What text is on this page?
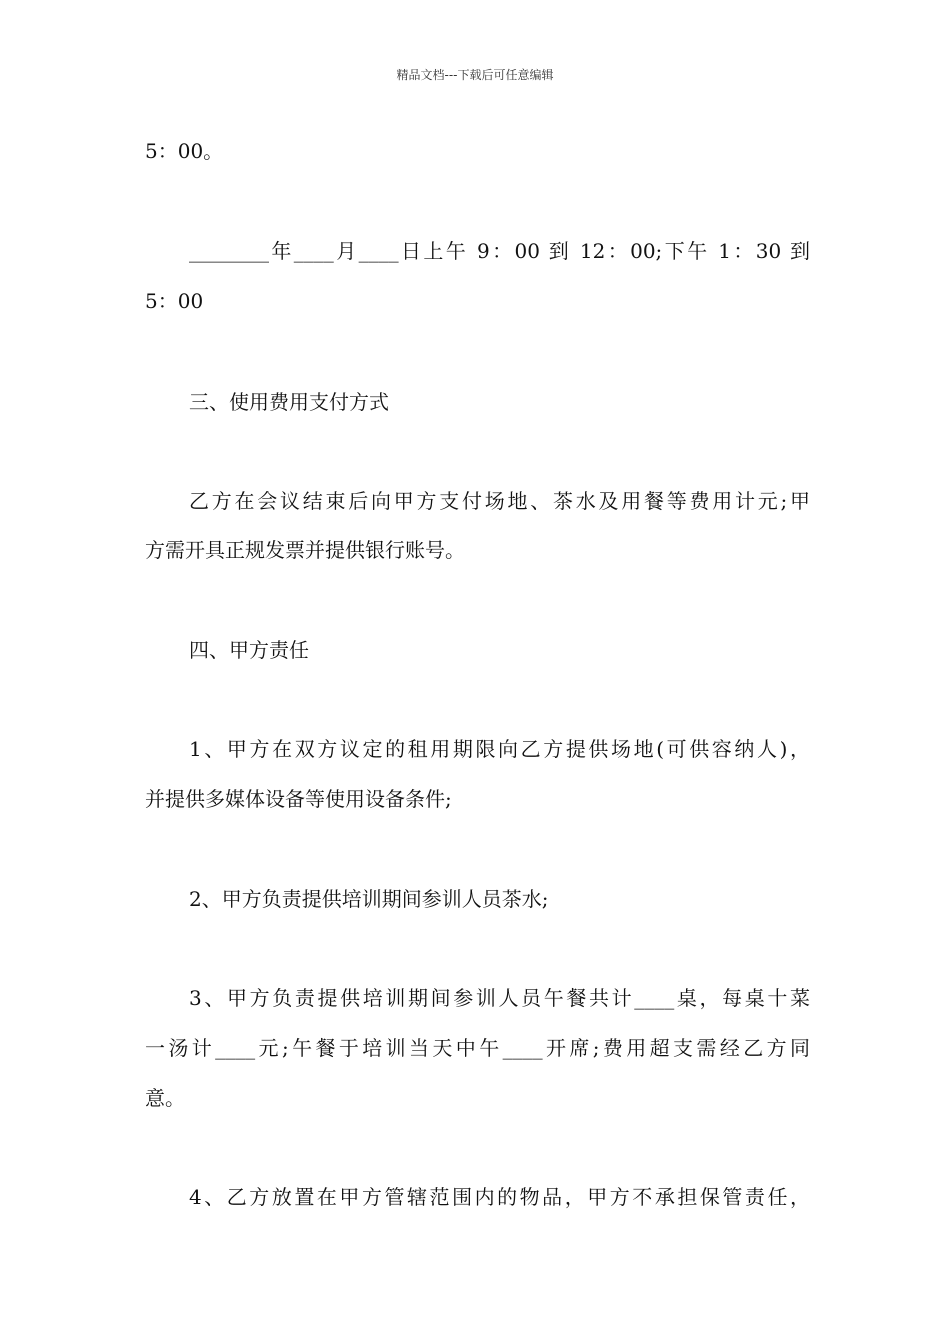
精品文档---下载后可任意编辑
5：00。
________年____月____日上午 9：00 到 12：00;下午 1：30 到
5：00
三、使用费用支付方式
乙方在会议结束后向甲方支付场地、茶水及用餐等费用计元;甲
方需开具正规发票并提供银行账号。
四、甲方责任
1、甲方在双方议定的租用期限向乙方提供场地(可供容纳人)，
并提供多媒体设备等使用设备条件;
2、甲方负责提供培训期间参训人员茶水;
3、甲方负责提供培训期间参训人员午餐共计____桌，每桌十菜
一汤计____元;午餐于培训当天中午____开席;费用超支需经乙方同
意。
4、乙方放置在甲方管辖范围内的物品，甲方不承担保管责任，
